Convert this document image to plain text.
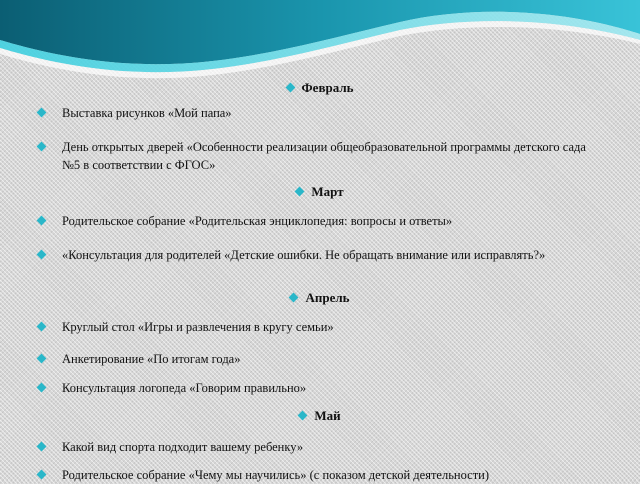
Февраль
Выставка рисунков «Мой папа»
День открытых дверей «Особенности реализации общеобразовательной программы детского сада №5 в соответствии с ФГОС»
Март
Родительское собрание «Родительская энциклопедия: вопросы и ответы»
«Консультация для родителей «Детские ошибки. Не обращать внимание или исправлять?»
Апрель
Круглый стол «Игры и развлечения в кругу семьи»
Анкетирование «По итогам года»
Консультация логопеда «Говорим правильно»
Май
Какой вид спорта подходит вашему ребенку»
Родительское собрание «Чему мы научились» (с показом детской деятельности)
